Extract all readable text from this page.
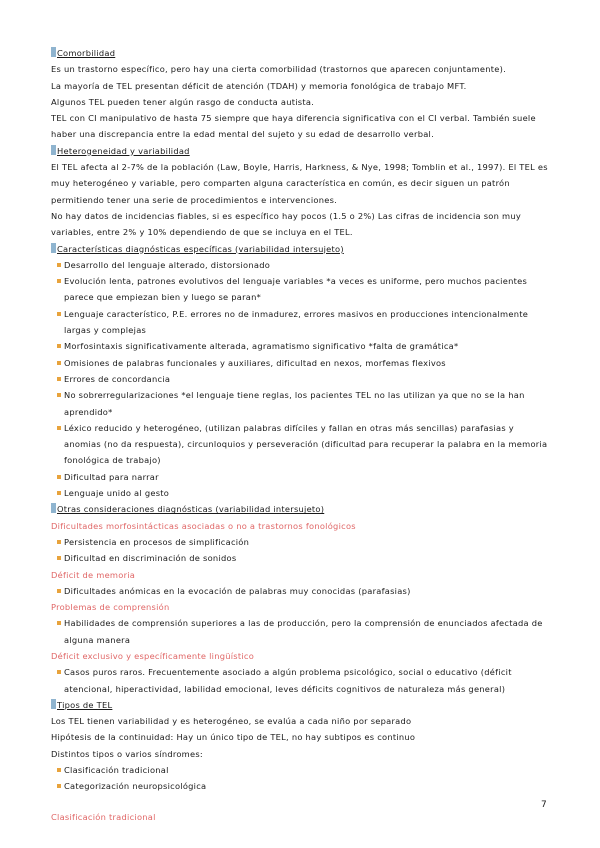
Comorbilidad
Es un trastorno específico, pero hay una cierta comorbilidad (trastornos que aparecen conjuntamente).
La mayoría de TEL presentan déficit de atención (TDAH) y memoria fonológica de trabajo MFT.
Algunos TEL pueden tener algún rasgo de conducta autista.
TEL con CI manipulativo de hasta 75 siempre que haya diferencia significativa con el CI verbal. También suele haber una discrepancia entre la edad mental del sujeto y su edad de desarrollo verbal.
Heterogeneidad y variabilidad
El TEL afecta al 2-7% de la población (Law, Boyle, Harris, Harkness, & Nye, 1998; Tomblin et al., 1997). El TEL es muy heterogéneo y variable, pero comparten alguna característica en común, es decir siguen un patrón permitiendo tener una serie de procedimientos e intervenciones.
No hay datos de incidencias fiables, si es específico hay pocos (1.5 o 2%) Las cifras de incidencia son muy variables, entre 2% y 10% dependiendo de que se incluya en el TEL.
Características diagnósticas específicas (variabilidad intersujeto)
Desarrollo del lenguaje alterado, distorsionado
Evolución lenta, patrones evolutivos del lenguaje variables *a veces es uniforme, pero muchos pacientes parece que empiezan bien y luego se paran*
Lenguaje característico, P.E. errores no de inmadurez, errores masivos en producciones intencionalmente largas y complejas
Morfosintaxis significativamente alterada, agramatismo significativo *falta de gramática*
Omisiones de palabras funcionales y auxiliares, dificultad en nexos, morfemas flexivos
Errores de concordancia
No sobrerregularizaciones *el lenguaje tiene reglas, los pacientes TEL no las utilizan ya que no se la han aprendido*
Léxico reducido y heterogéneo, (utilizan palabras difíciles y fallan en otras más sencillas) parafasias y anomias (no da respuesta), circunloquios y perseveración (dificultad para recuperar la palabra en la memoria fonológica de trabajo)
Dificultad para narrar
Lenguaje unido al gesto
Otras consideraciones diagnósticas (variabilidad intersujeto)
Dificultades morfosintácticas asociadas o no a trastornos fonológicos
Persistencia en procesos de simplificación
Dificultad en discriminación de sonidos
Déficit de memoria
Dificultades anómicas en la evocación de palabras muy conocidas (parafasias)
Problemas de comprensión
Habilidades de comprensión superiores a las de producción, pero la comprensión de enunciados afectada de alguna manera
Déficit exclusivo y específicamente lingüístico
Casos puros raros. Frecuentemente asociado a algún problema psicológico, social o educativo (déficit atencional, hiperactividad, labilidad emocional, leves déficits cognitivos de naturaleza más general)
Tipos de TEL
Los TEL tienen variabilidad y es heterogéneo, se evalúa a cada niño por separado
Hipótesis de la continuidad: Hay un único tipo de TEL, no hay subtipos es continuo
Distintos tipos o varios síndromes:
Clasificación tradicional
Categorización neuropsicológica
Clasificación tradicional
7
